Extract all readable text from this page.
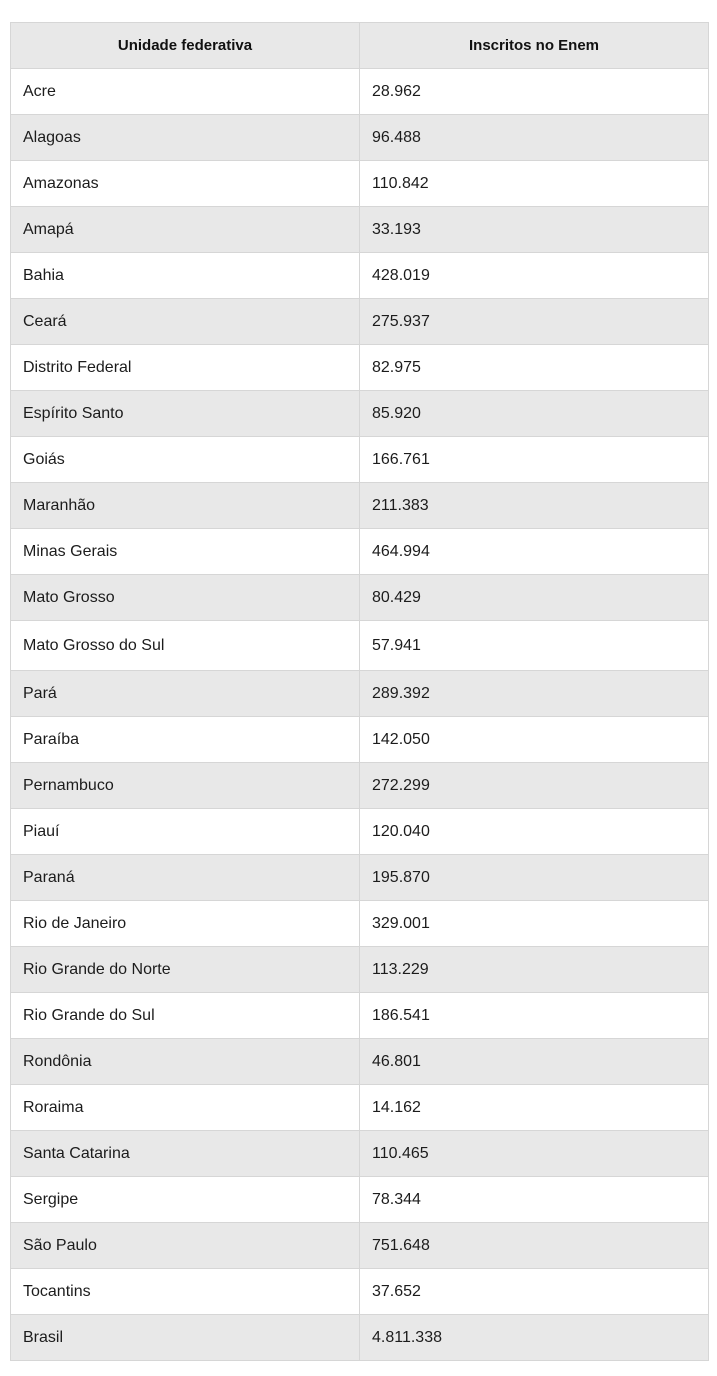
Unidade federativa	Inscritos no Enem
Acre	28.962
Alagoas	96.488
Amazonas	110.842
Amapá	33.193
Bahia	428.019
Ceará	275.937
Distrito Federal	82.975
Espírito Santo	85.920
Goiás	166.761
Maranhão	211.383
Minas Gerais	464.994
Mato Grosso	80.429
Mato Grosso do Sul	57.941
Pará	289.392
Paraíba	142.050
Pernambuco	272.299
Piauí	120.040
Paraná	195.870
Rio de Janeiro	329.001
Rio Grande do Norte	113.229
Rio Grande do Sul	186.541
Rondônia	46.801
Roraima	14.162
Santa Catarina	110.465
Sergipe	78.344
São Paulo	751.648
Tocantins	37.652
Brasil	4.811.338
